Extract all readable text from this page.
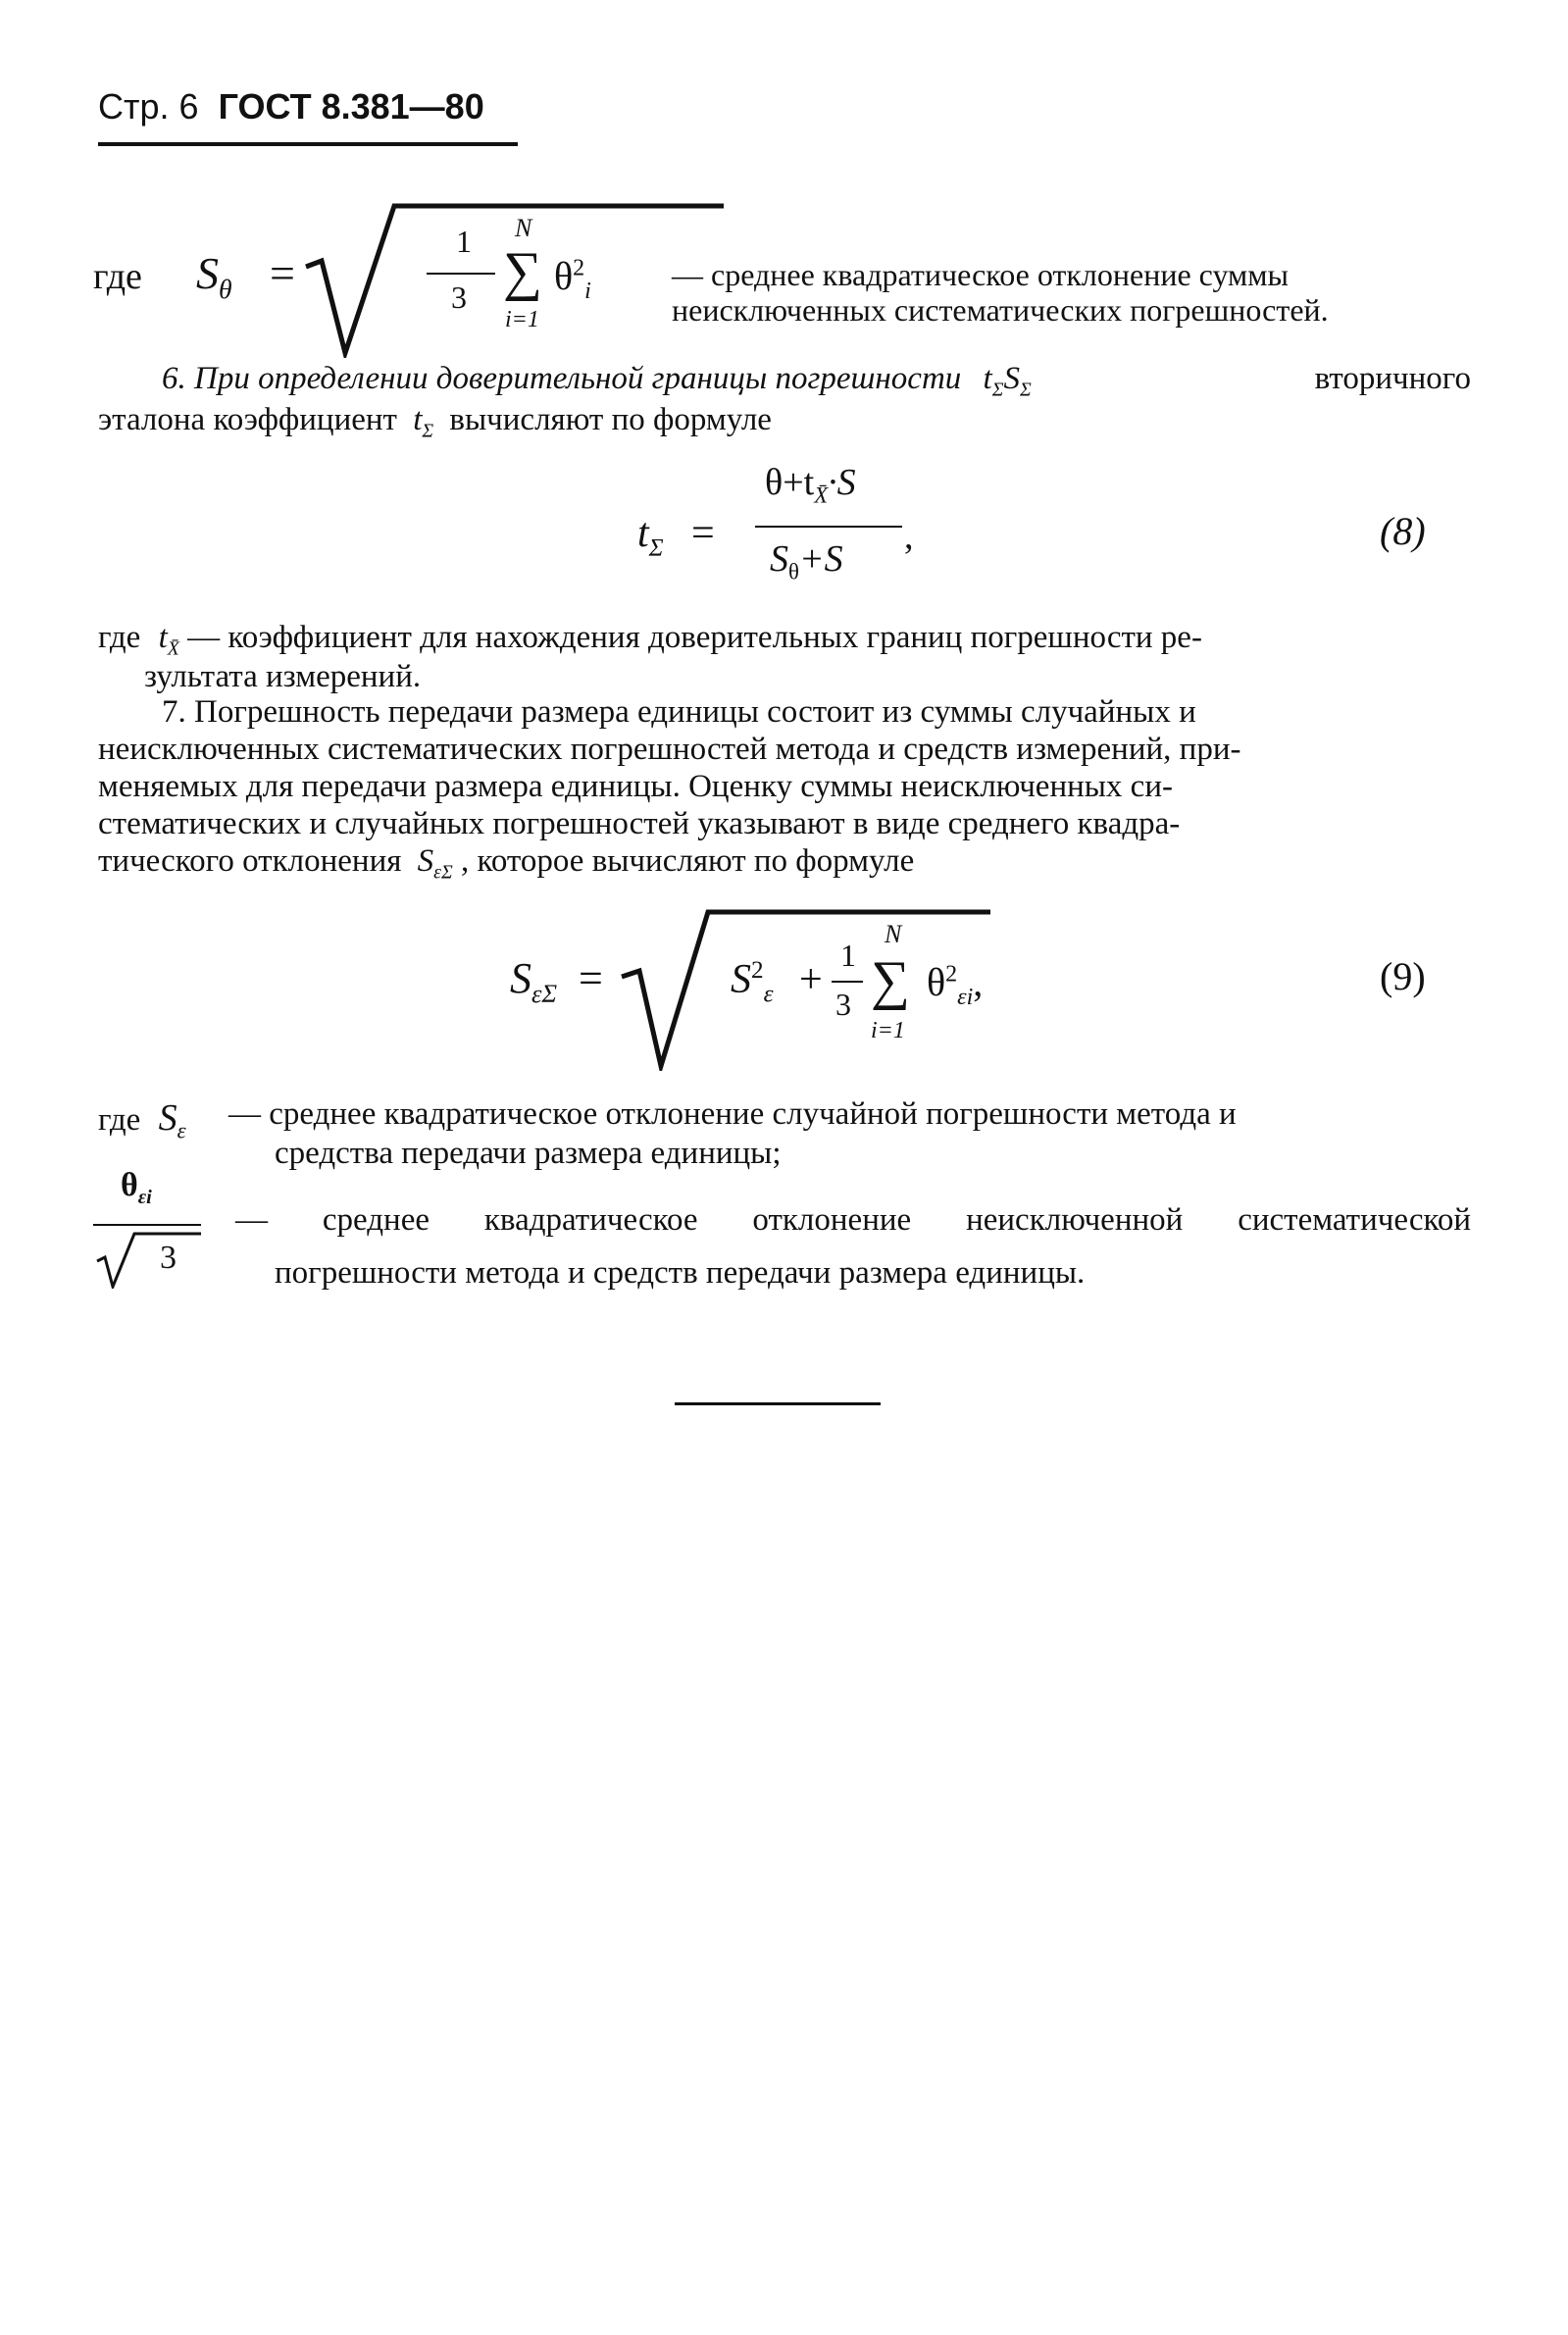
Стр. 6 ГОСТ 8.381—80
где $S_\theta$ =
1
3
N
∑
i=1
$\theta^2_i$	— среднее квадратическое отклонение суммы
неисключенных систематических погрешностей.
6. При определении доверительной границы погрешности $t_\Sigma S_\Sigma$	вторичного
эталона коэффициент $t_\Sigma$ вычисляют по формуле
$t_\Sigma$ =
$\theta+t_{X̄}\cdot S$
$S_\theta+S$
,	(8)
где $t_{X̄}$ — коэффициент для нахождения доверительных границ погрешности ре-
зультата измерений.
7. Погрешность передачи размера единицы состоит из суммы случайных и
неисключенных систематических погрешностей метода и средств измерений, при-
меняемых для передачи размера единицы. Оценку суммы неисключенных си-
стематических и случайных погрешностей указывают в виде среднего квадра-
тического отклонения $S_{\varepsilon\Sigma}$ , которое вычисляют по формуле
$S_{\varepsilon\Sigma}$ =	$S^2_\varepsilon$ +
1
3
N
∑
i=1
$\theta^2_{\varepsilon i}$,	(9)
где $S_\varepsilon$ — среднее квадратическое отклонение случайной погрешности метода и
средства передачи размера единицы;
$\theta_{\varepsilon i}$
3
— среднее квадратическое отклонение неисключенной систематической
погрешности метода и средств передачи размера единицы.
